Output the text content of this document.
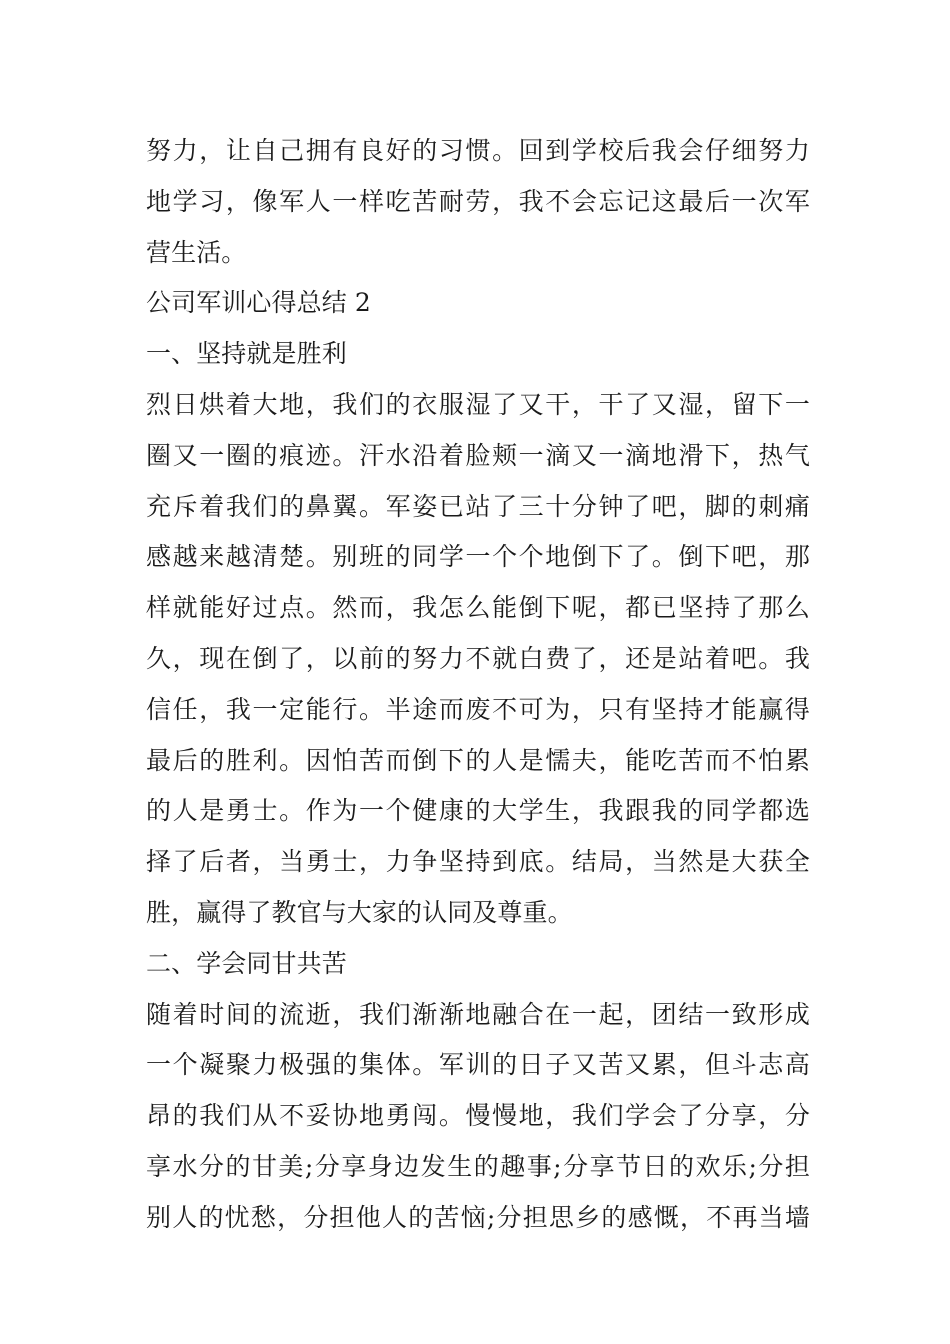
努力，让自己拥有良好的习惯。回到学校后我会仔细努力
地学习，像军人一样吃苦耐劳，我不会忘记这最后一次军
营生活。
公司军训心得总结 2
一、坚持就是胜利
烈日烘着大地，我们的衣服湿了又干，干了又湿，留下一
圈又一圈的痕迹。汗水沿着脸颊一滴又一滴地滑下，热气
充斥着我们的鼻翼。军姿已站了三十分钟了吧，脚的刺痛
感越来越清楚。别班的同学一个个地倒下了。倒下吧，那
样就能好过点。然而，我怎么能倒下呢，都已坚持了那么
久，现在倒了，以前的努力不就白费了，还是站着吧。我
信任，我一定能行。半途而废不可为，只有坚持才能赢得
最后的胜利。因怕苦而倒下的人是懦夫，能吃苦而不怕累
的人是勇士。作为一个健康的大学生，我跟我的同学都选
择了后者，当勇士，力争坚持到底。结局，当然是大获全
胜，赢得了教官与大家的认同及尊重。
二、学会同甘共苦
随着时间的流逝，我们渐渐地融合在一起，团结一致形成
一个凝聚力极强的集体。军训的日子又苦又累，但斗志高
昂的我们从不妥协地勇闯。慢慢地，我们学会了分享，分
享水分的甘美;分享身边发生的趣事;分享节日的欢乐;分担
别人的忧愁，分担他人的苦恼;分担思乡的感慨，不再当墙
